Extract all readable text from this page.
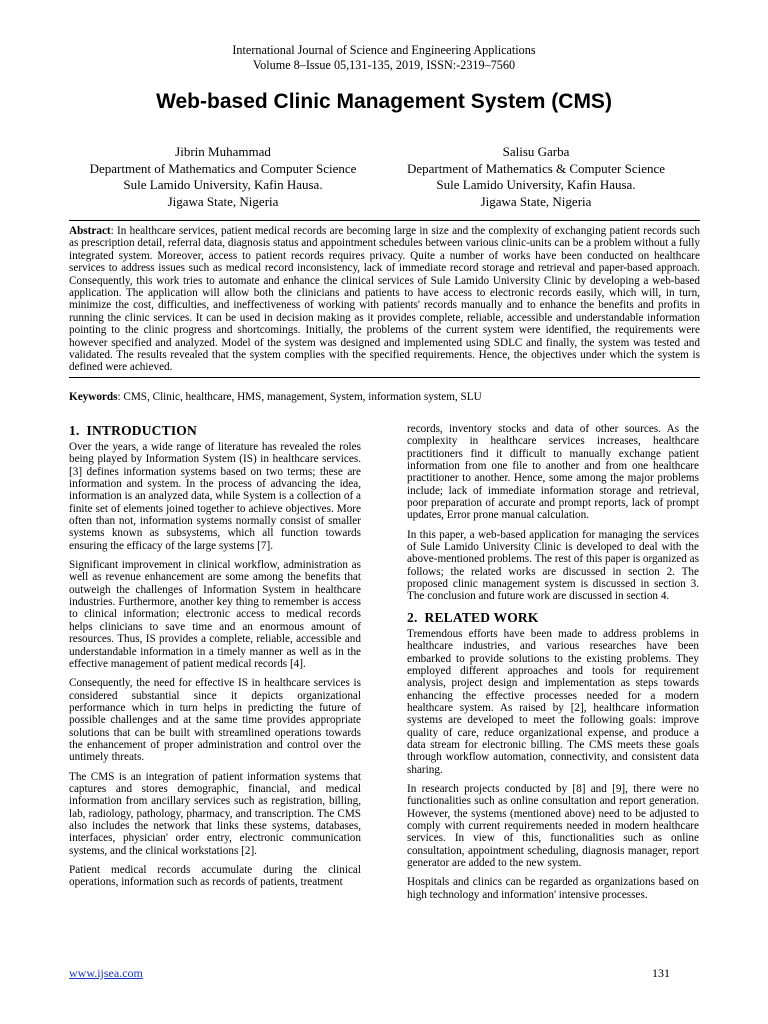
International Journal of Science and Engineering Applications
Volume 8–Issue 05,131-135, 2019, ISSN:-2319–7560
Web-based Clinic Management System (CMS)
Jibrin Muhammad
Department of Mathematics and Computer Science
Sule Lamido University, Kafin Hausa.
Jigawa State, Nigeria
Salisu Garba
Department of Mathematics & Computer Science
Sule Lamido University, Kafin Hausa.
Jigawa State, Nigeria
Abstract: In healthcare services, patient medical records are becoming large in size and the complexity of exchanging patient records such as prescription detail, referral data, diagnosis status and appointment schedules between various clinic-units can be a problem without a fully integrated system. Moreover, access to patient records requires privacy. Quite a number of works have been conducted on healthcare services to address issues such as medical record inconsistency, lack of immediate record storage and retrieval and paper-based approach. Consequently, this work tries to automate and enhance the clinical services of Sule Lamido University Clinic by developing a web-based application. The application will allow both the clinicians and patients to have access to electronic records easily, which will, in turn, minimize the cost, difficulties, and ineffectiveness of working with patients' records manually and to enhance the benefits and profits in running the clinic services. It can be used in decision making as it provides complete, reliable, accessible and understandable information pointing to the clinic progress and shortcomings. Initially, the problems of the current system were identified, the requirements were however specified and analyzed. Model of the system was designed and implemented using SDLC and finally, the system was tested and validated. The results revealed that the system complies with the specified requirements. Hence, the objectives under which the system is defined were achieved.
Keywords: CMS, Clinic, healthcare, HMS, management, System, information system, SLU
1. INTRODUCTION

Over the years, a wide range of literature has revealed the roles being played by Information System (IS) in healthcare services. [3] defines information systems based on two terms; these are information and system. In the process of advancing the idea, information is an analyzed data, while System is a collection of a finite set of elements joined together to achieve objectives. More often than not, information systems normally consist of smaller systems known as subsystems, which all function towards ensuring the efficacy of the large systems [7].

Significant improvement in clinical workflow, administration as well as revenue enhancement are some among the benefits that outweigh the challenges of Information System in healthcare industries. Furthermore, another key thing to remember is access to clinical information; electronic access to medical records helps clinicians to save time and an enormous amount of resources. Thus, IS provides a complete, reliable, accessible and understandable information in a timely manner as well as in the effective management of patient medical records [4].

Consequently, the need for effective IS in healthcare services is considered substantial since it depicts organizational performance which in turn helps in predicting the future of possible challenges and at the same time provides appropriate solutions that can be built with streamlined operations towards the enhancement of proper administration and control over the untimely threats.

The CMS is an integration of patient information systems that captures and stores demographic, financial, and medical information from ancillary services such as registration, billing, lab, radiology, pathology, pharmacy, and transcription. The CMS also includes the network that links these systems, databases, interfaces, physician' order entry, electronic communication systems, and the clinical workstations [2].

Patient medical records accumulate during the clinical operations, information such as records of patients, treatment

records, inventory stocks and data of other sources. As the complexity in healthcare services increases, healthcare practitioners find it difficult to manually exchange patient information from one file to another and from one healthcare practitioner to another. Hence, some among the major problems include; lack of immediate information storage and retrieval, poor preparation of accurate and prompt reports, lack of prompt updates, Error prone manual calculation.

In this paper, a web-based application for managing the services of Sule Lamido University Clinic is developed to deal with the above-mentioned problems. The rest of this paper is organized as follows; the related works are discussed in section 2. The proposed clinic management system is discussed in section 3. The conclusion and future work are discussed in section 4.

2. RELATED WORK

Tremendous efforts have been made to address problems in healthcare industries, and various researches have been embarked to provide solutions to the existing problems. They employed different approaches and tools for requirement analysis, project design and implementation as steps towards enhancing the effective processes needed for a modern healthcare system. As raised by [2], healthcare information systems are developed to meet the following goals: improve quality of care, reduce organizational expense, and produce a data stream for electronic billing. The CMS meets these goals through workflow automation, connectivity, and consistent data sharing.

In research projects conducted by [8] and [9], there were no functionalities such as online consultation and report generation. However, the systems (mentioned above) need to be adjusted to comply with current requirements needed in modern healthcare services. In view of this, functionalities such as online consultation, appointment scheduling, diagnosis manager, report generator are added to the new system.

Hospitals and clinics can be regarded as organizations based on high technology and information' intensive processes.

www.ijsea.com	131
